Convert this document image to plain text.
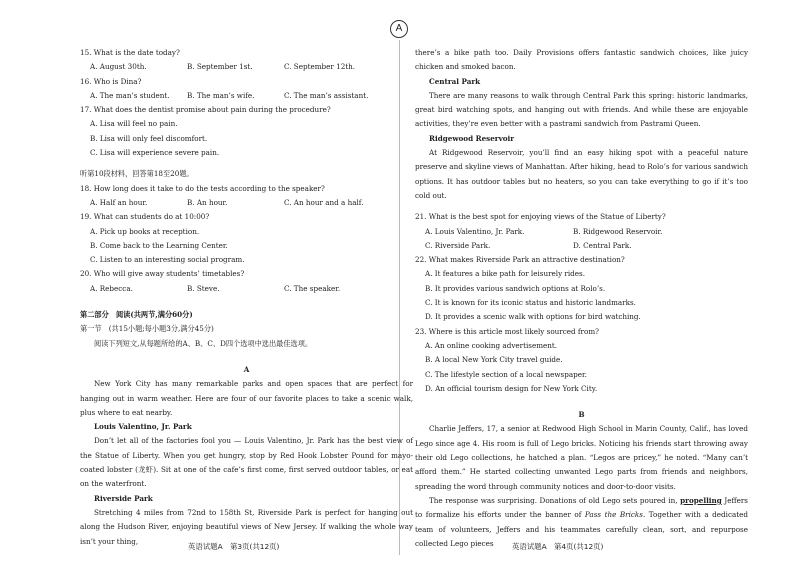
A
15. What is the date today?
A. August 30th.	B. September 1st.	C. September 12th.
16. Who is Dina?
A. The man’s student.	B. The man’s wife.	C. The man’s assistant.
17. What does the dentist promise about pain during the procedure?
A. Lisa will feel no pain.
B. Lisa will only feel discomfort.
C. Lisa will experience severe pain.
听第10段材料，回答第18至20题。
18. How long does it take to do the tests according to the speaker?
A. Half an hour.	B. An hour.	C. An hour and a half.
19. What can students do at 10:00?
A. Pick up books at reception.
B. Come back to the Learning Center.
C. Listen to an interesting social program.
20. Who will give away students’ timetables?
A. Rebecca.	B. Steve.	C. The speaker.
第二部分　阅读(共两节,满分60分)
第一节　(共15小题;每小题3分,满分45分)
阅读下列短文,从每题所给的A、B、C、D四个选项中选出最佳选项。
A
New York City has many remarkable parks and open spaces that are perfect for hanging out in warm weather. Here are four of our favorite places to take a scenic walk, plus where to eat nearby.
Louis Valentino, Jr. Park
Don’t let all of the factories fool you — Louis Valentino, Jr. Park has the best view of the Statue of Liberty. When you get hungry, stop by Red Hook Lobster Pound for mayo-coated lobster (龙虾). Sit at one of the cafe’s first come, first served outdoor tables, or eat on the waterfront.
Riverside Park
Stretching 4 miles from 72nd to 158th St, Riverside Park is perfect for hanging out along the Hudson River, enjoying beautiful views of New Jersey. If walking the whole way isn’t your thing,
英语试题A　第3页(共12页)
there’s a bike path too. Daily Provisions offers fantastic sandwich choices, like juicy chicken and smoked bacon.
Central Park
There are many reasons to walk through Central Park this spring: historic landmarks, great bird watching spots, and hanging out with friends. And while these are enjoyable activities, they’re even better with a pastrami sandwich from Pastrami Queen.
Ridgewood Reservoir
At Ridgewood Reservoir, you’ll find an easy hiking spot with a peaceful nature preserve and skyline views of Manhattan. After hiking, head to Rolo’s for various sandwich options. It has outdoor tables but no heaters, so you can take everything to go if it’s too cold out.
21. What is the best spot for enjoying views of the Statue of Liberty?
A. Louis Valentino, Jr. Park.	B. Ridgewood Reservoir.
C. Riverside Park.	D. Central Park.
22. What makes Riverside Park an attractive destination?
A. It features a bike path for leisurely rides.
B. It provides various sandwich options at Rolo’s.
C. It is known for its iconic status and historic landmarks.
D. It provides a scenic walk with options for bird watching.
23. Where is this article most likely sourced from?
A. An online cooking advertisement.
B. A local New York City travel guide.
C. The lifestyle section of a local newspaper.
D. An official tourism design for New York City.
B
Charlie Jeffers, 17, a senior at Redwood High School in Marin County, Calif., has loved Lego since age 4. His room is full of Lego bricks. Noticing his friends start throwing away their old Lego collections, he hatched a plan. “Legos are pricey,” he noted. “Many can’t afford them.” He started collecting unwanted Lego parts from friends and neighbors, spreading the word through community notices and door-to-door visits.
The response was surprising. Donations of old Lego sets poured in, propelling Jeffers to formalize his efforts under the banner of Pass the Bricks. Together with a dedicated team of volunteers, Jeffers and his teammates carefully clean, sort, and repurpose collected Lego pieces	英语试题A　第4页(共12页)
